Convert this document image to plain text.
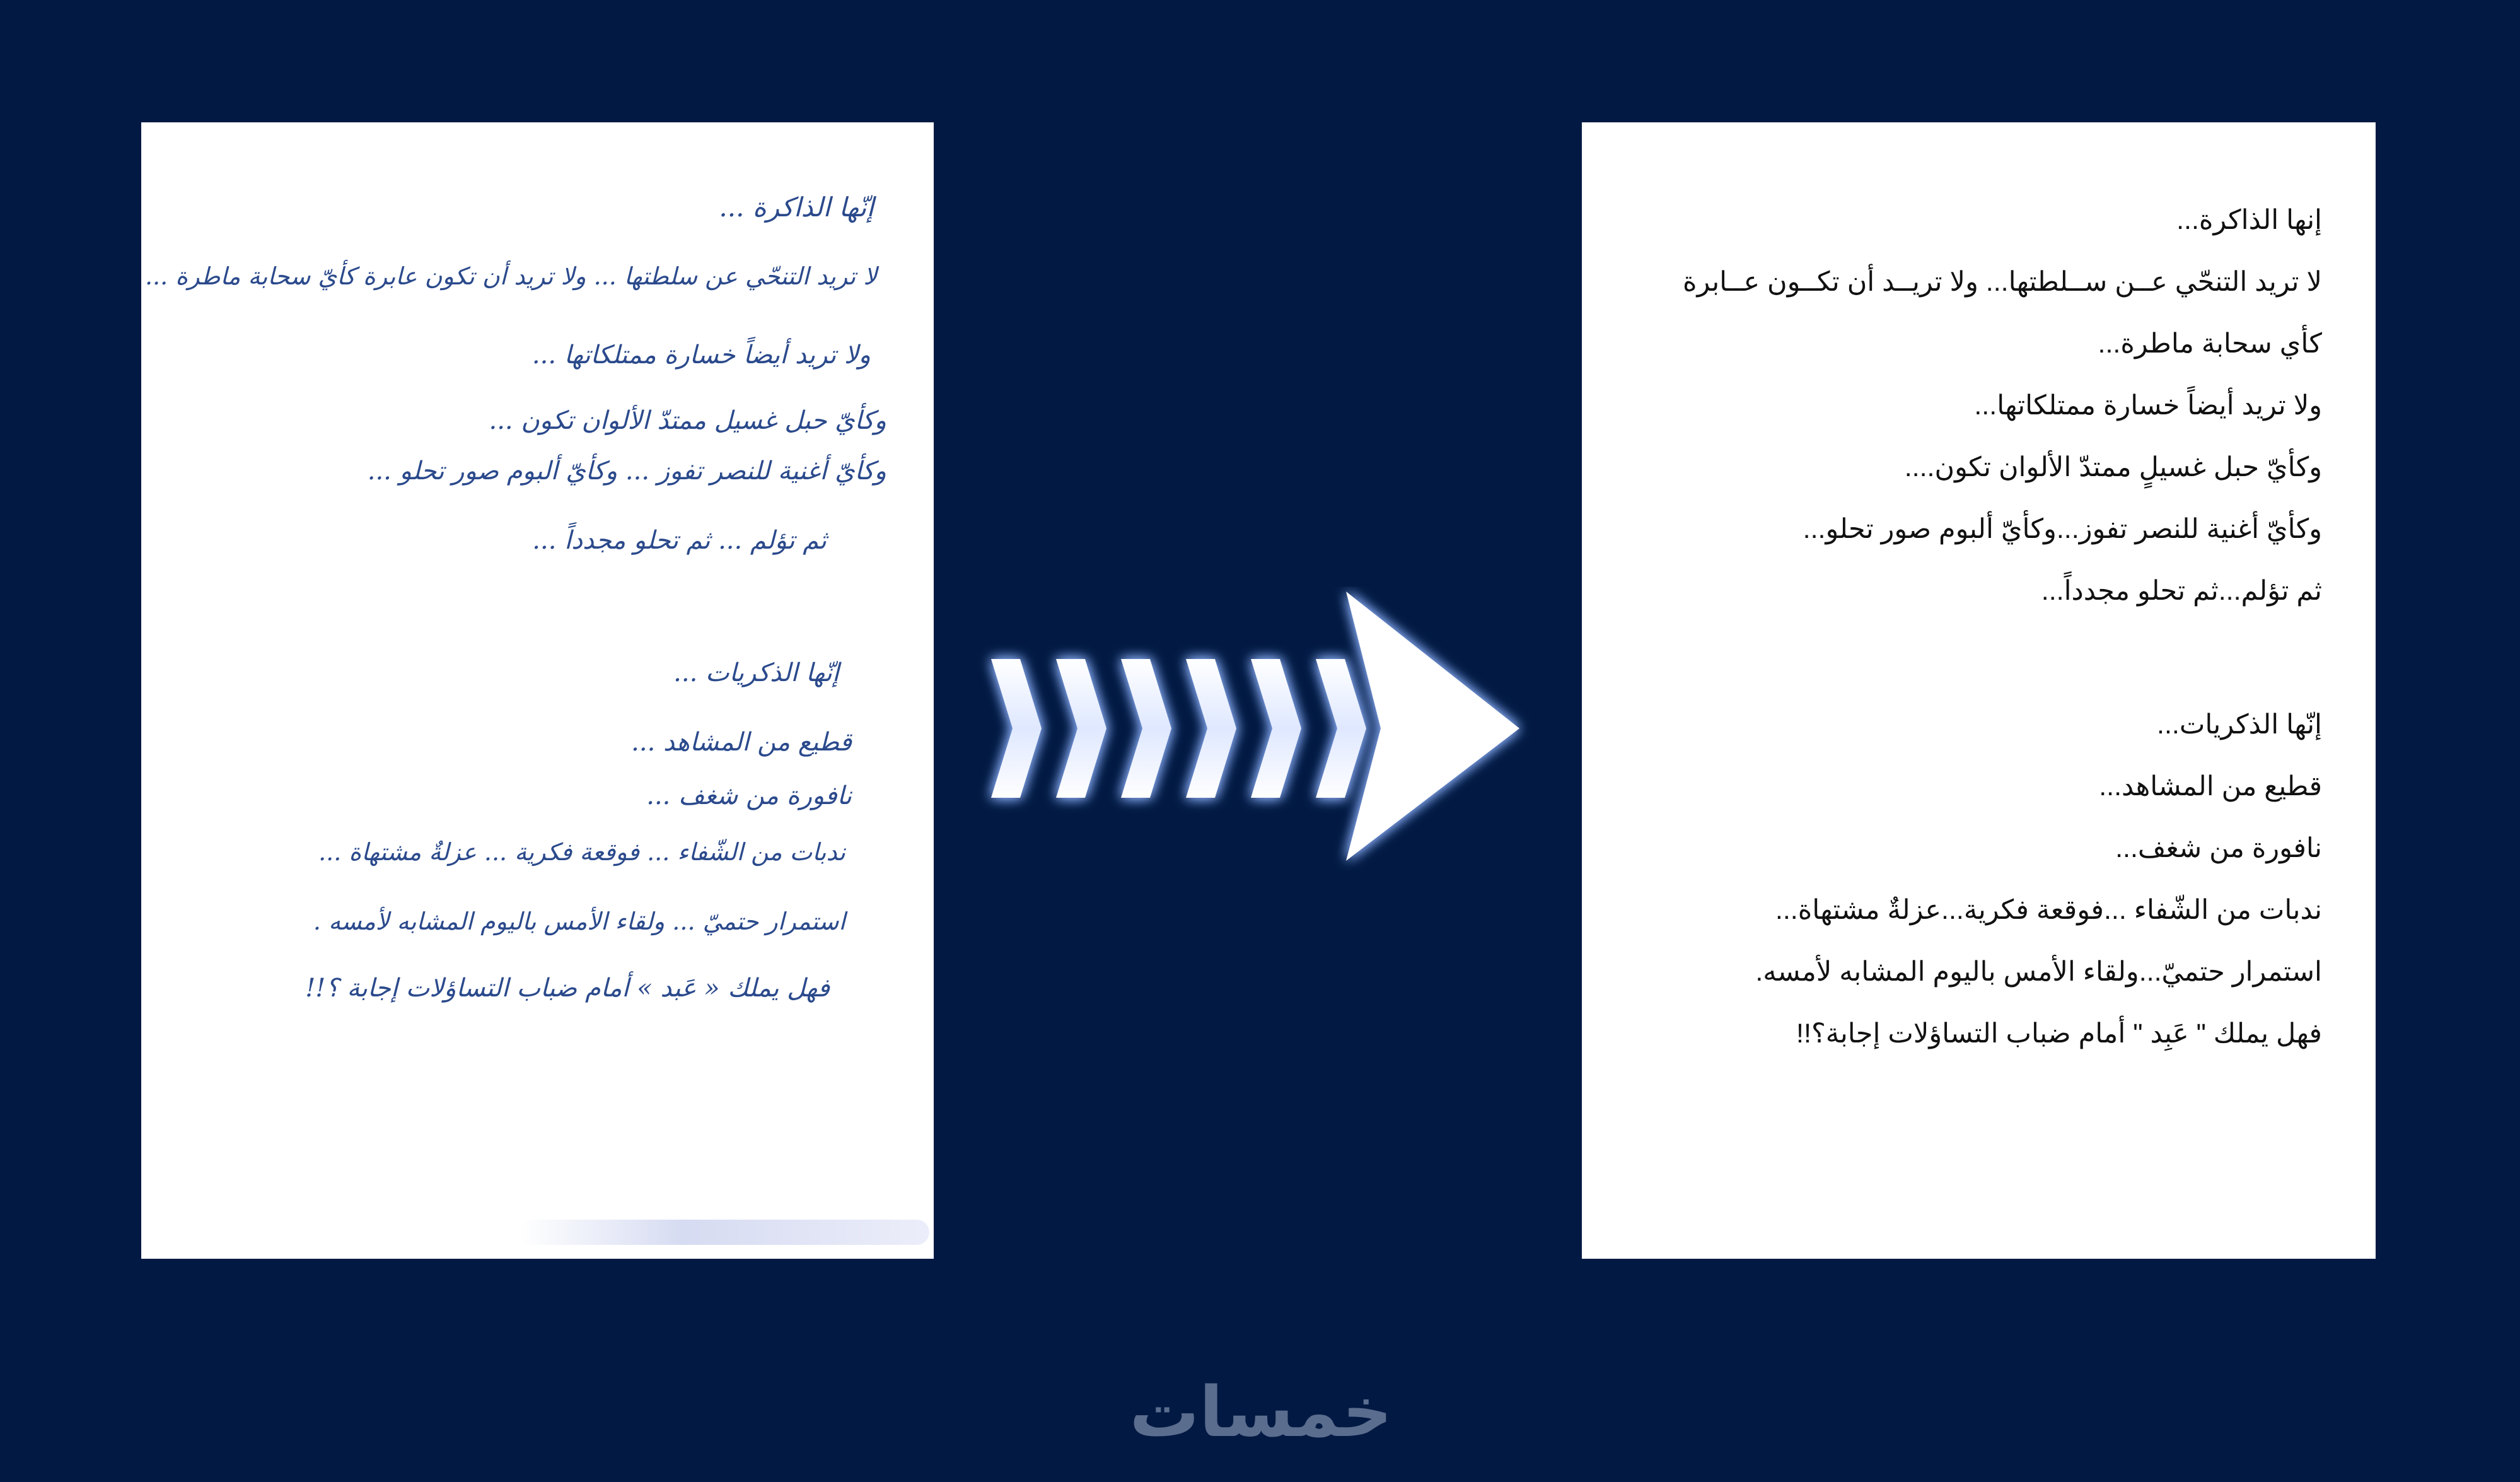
إنّها الذاكرة ...
لا تريد التنحّي عن سلطتها ... ولا تريد أن تكون عابرة كأيّ سحابة ماطرة ...
ولا تريد أيضاً خسارة ممتلكاتها ...
وكأيّ حبل غسيل ممتدّ الألوان تكون ...
وكأيّ أغنية للنصر تفوز ... وكأيّ ألبوم صور تحلو ...
ثم تؤلم ... ثم تحلو مجدداً ...
إنّها الذكريات ...
قطيع من المشاهد ...
نافورة من شغف ...
ندبات من الشّفاء ... فوقعة فكرية ... عزلةٌ مشتهاة ...
استمرار حتميّ ... ولقاء الأمس باليوم المشابه لأمسه .
فهل يملك « عَبد » أمام ضباب التساؤلات إجابة ؟!!
إنها الذاكرة...
لا تريد التنحّي عــن ســلطتها... ولا تريــد أن تكــون عــابرة
كأي سحابة ماطرة...
ولا تريد أيضاً خسارة ممتلكاتها...
وكأيّ حبل غسيلٍ ممتدّ الألوان تكون....
وكأيّ أغنية للنصر تفوز...وكأيّ ألبوم صور تحلو...
ثم تؤلم...ثم تحلو مجدداً...
إنّها الذكريات...
قطيع من المشاهد...
نافورة من شغف...
ندبات من الشّفاء ...فوقعة فكرية...عزلةٌ مشتهاة...
استمرار حتميّ...ولقاء الأمس باليوم المشابه لأمسه.
فهل يملك " عَبِد " أمام ضباب التساؤلات إجابة؟!!
خمسات
